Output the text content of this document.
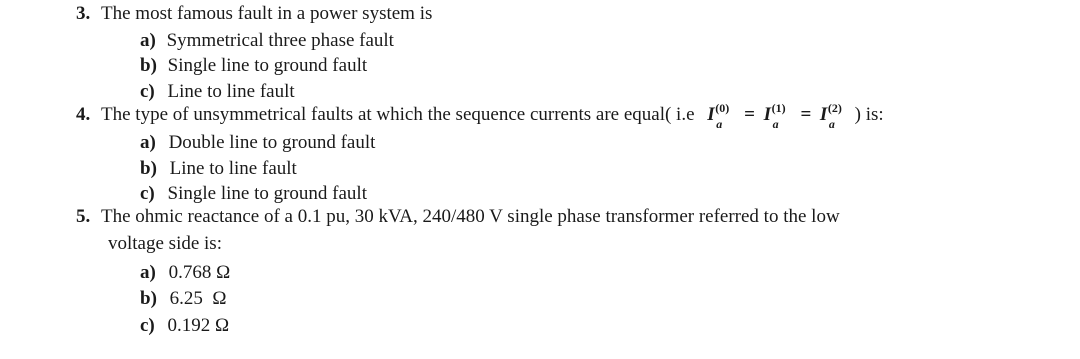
3. The most famous fault in a power system is
a) Symmetrical three phase fault
b) Single line to ground fault
c) Line to line fault
4. The type of unsymmetrical faults at which the sequence currents are equal( i.e I (0)
a = I (1)
a = I (2)
a ) is:
a) Double line to ground fault
b) Line to line fault
c) Single line to ground fault
5. The ohmic reactance of a 0.1 pu, 30 kVA, 240/480 V single phase transformer referred to the low
voltage side is:
a) 0.768 Ω
b) 6.25  Ω
c) 0.192 Ω
